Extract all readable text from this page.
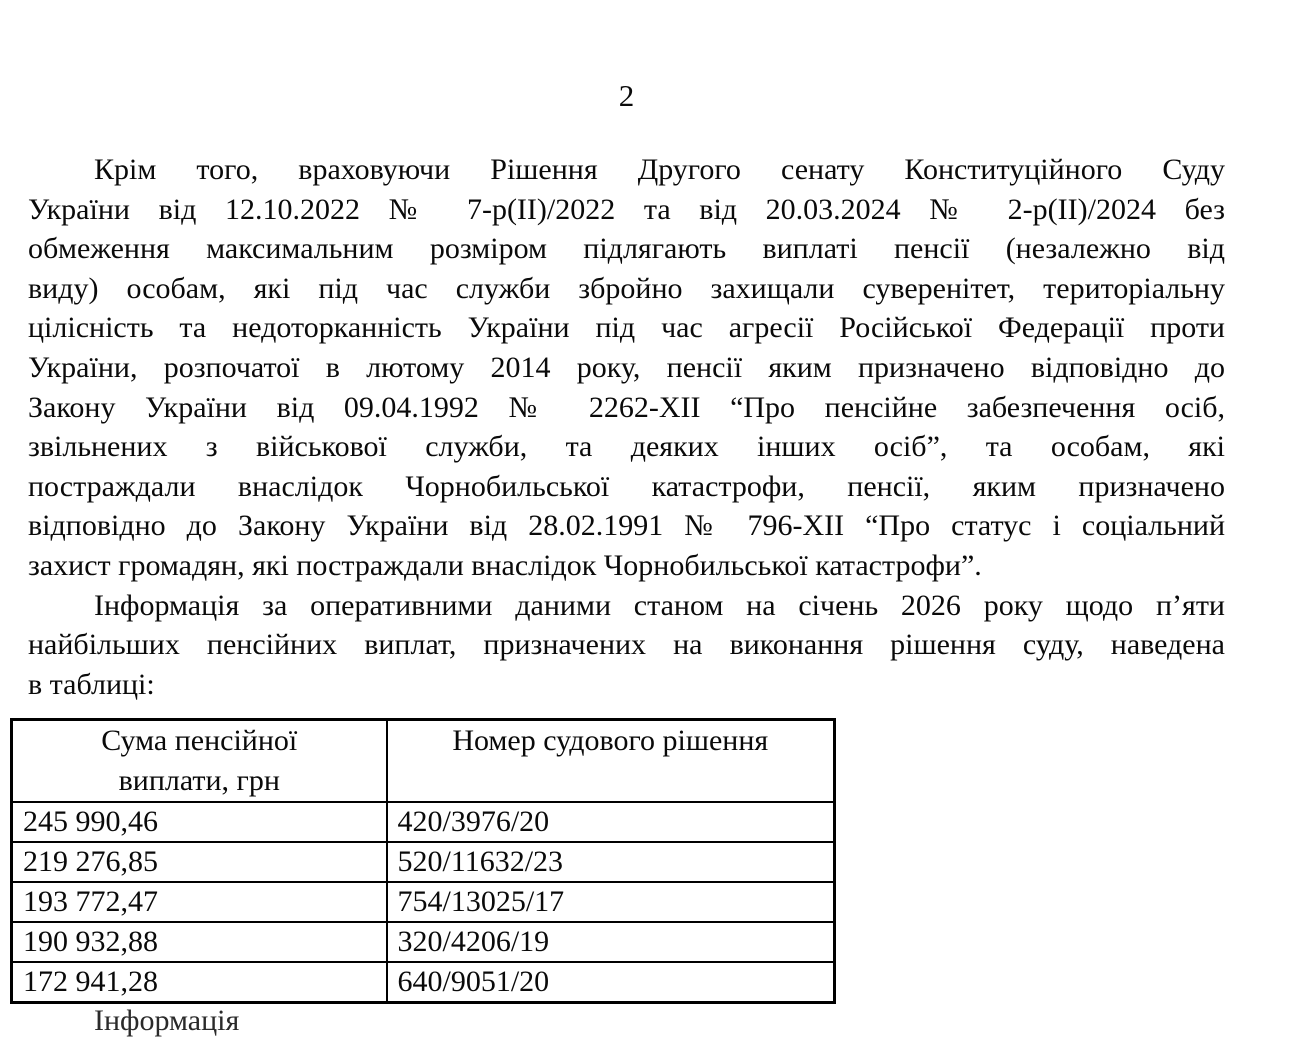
2
Крім того, враховуючи Рішення Другого сенату Конституційного Суду
України від 12.10.2022 № 7-р(II)/2022 та від 20.03.2024 № 2-р(II)/2024 без
обмеження максимальним розміром підлягають виплаті пенсії (незалежно від
виду) особам, які під час служби збройно захищали суверенітет, територіальну
цілісність та недоторканність України під час агресії Російської Федерації проти
України, розпочатої в лютому 2014 року, пенсії яким призначено відповідно до
Закону України від 09.04.1992 № 2262-XII “Про пенсійне забезпечення осіб,
звільнених з військової служби, та деяких інших осіб”, та особам, які
постраждали внаслідок Чорнобильської катастрофи, пенсії, яким призначено
відповідно до Закону України від 28.02.1991 № 796-XII “Про статус і соціальний
захист громадян, які постраждали внаслідок Чорнобильської катастрофи”.
Інформація за оперативними даними станом на січень 2026 року щодо п’яти
найбільших пенсійних виплат, призначених на виконання рішення суду, наведена
в таблиці:
Сума пенсійної
виплати, грн	Номер судового рішення

245 990,46	420/3976/20
219 276,85	520/11632/23
193 772,47	754/13025/17
190 932,88	320/4206/19
172 941,28	640/9051/20
Інформація
